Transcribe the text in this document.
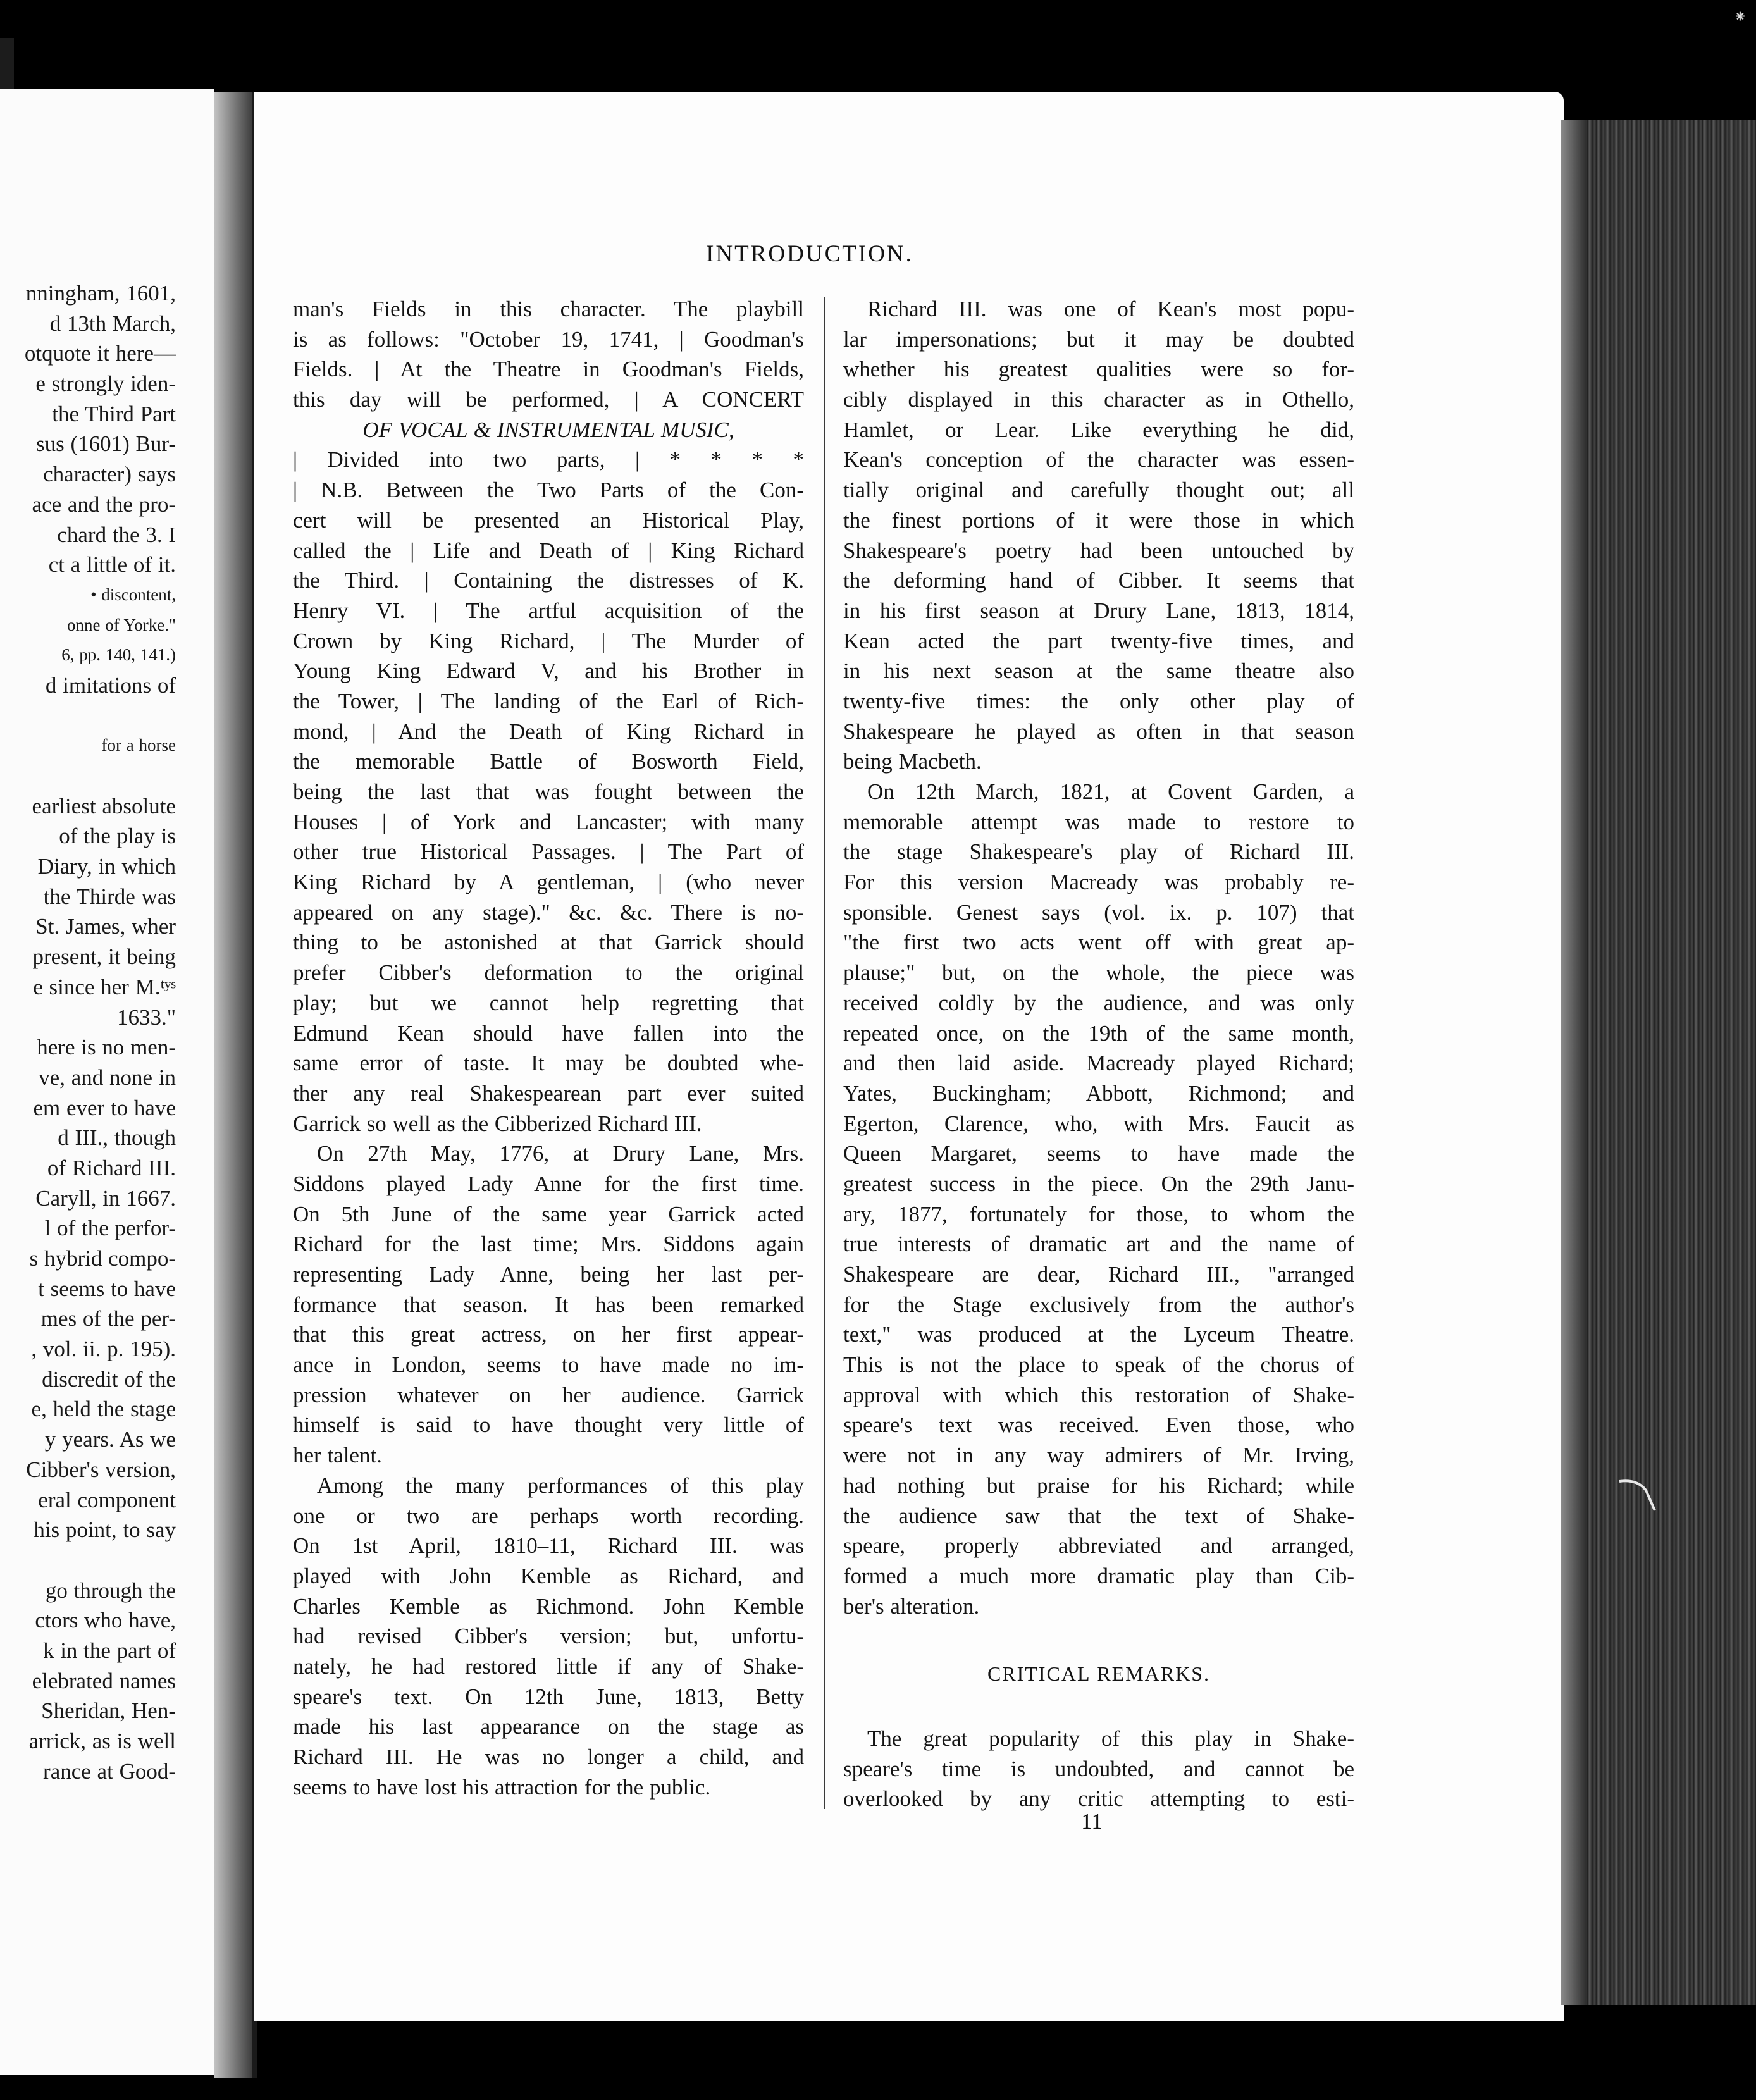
⁕
nningham, 1601,
d 13th March,
otquote it here—
e strongly iden-
the Third Part
sus (1601) Bur-
character) says
ace and the pro-
chard the 3. I
ct a little of it.
• discontent,
onne of Yorke."
6, pp. 140, 141.)
d imitations of
for a horse
earliest absolute
of the play is
Diary, in which
the Thirde was
St. James, wher
present, it being
e since her M.ᵗʸˢ
1633."
here is no men-
ve, and none in
em ever to have
d III., though
of Richard III.
Caryll, in 1667.
l of the perfor-
s hybrid compo-
t seems to have
mes of the per-
, vol. ii. p. 195).
discredit of the
e, held the stage
y years. As we
Cibber's version,
eral component
his point, to say
go through the
ctors who have,
k in the part of
elebrated names
Sheridan, Hen-
arrick, as is well
rance at Good-
INTRODUCTION.
man's Fields in this character. The playbill
is as follows: "October 19, 1741, | Goodman's
Fields. | At the Theatre in Goodman's Fields,
this day will be performed, | A CONCERT
OF VOCAL & INSTRUMENTAL MUSIC,
| Divided into two parts, | * * * *
| N.B. Between the Two Parts of the Con-
cert will be presented an Historical Play,
called the | Life and Death of | King Richard
the Third. | Containing the distresses of K.
Henry VI. | The artful acquisition of the
Crown by King Richard, | The Murder of
Young King Edward V, and his Brother in
the Tower, | The landing of the Earl of Rich-
mond, | And the Death of King Richard in
the memorable Battle of Bosworth Field,
being the last that was fought between the
Houses | of York and Lancaster; with many
other true Historical Passages. | The Part of
King Richard by A gentleman, | (who never
appeared on any stage)." &c. &c. There is no-
thing to be astonished at that Garrick should
prefer Cibber's deformation to the original
play; but we cannot help regretting that
Edmund Kean should have fallen into the
same error of taste. It may be doubted whe-
ther any real Shakespearean part ever suited
Garrick so well as the Cibberized Richard III.
On 27th May, 1776, at Drury Lane, Mrs.
Siddons played Lady Anne for the first time.
On 5th June of the same year Garrick acted
Richard for the last time; Mrs. Siddons again
representing Lady Anne, being her last per-
formance that season. It has been remarked
that this great actress, on her first appear-
ance in London, seems to have made no im-
pression whatever on her audience. Garrick
himself is said to have thought very little of
her talent.
Among the many performances of this play
one or two are perhaps worth recording.
On 1st April, 1810–11, Richard III. was
played with John Kemble as Richard, and
Charles Kemble as Richmond. John Kemble
had revised Cibber's version; but, unfortu-
nately, he had restored little if any of Shake-
speare's text. On 12th June, 1813, Betty
made his last appearance on the stage as
Richard III. He was no longer a child, and
seems to have lost his attraction for the public.
Richard III. was one of Kean's most popu-
lar impersonations; but it may be doubted
whether his greatest qualities were so for-
cibly displayed in this character as in Othello,
Hamlet, or Lear. Like everything he did,
Kean's conception of the character was essen-
tially original and carefully thought out; all
the finest portions of it were those in which
Shakespeare's poetry had been untouched by
the deforming hand of Cibber. It seems that
in his first season at Drury Lane, 1813, 1814,
Kean acted the part twenty-five times, and
in his next season at the same theatre also
twenty-five times: the only other play of
Shakespeare he played as often in that season
being Macbeth.
On 12th March, 1821, at Covent Garden, a
memorable attempt was made to restore to
the stage Shakespeare's play of Richard III.
For this version Macready was probably re-
sponsible. Genest says (vol. ix. p. 107) that
"the first two acts went off with great ap-
plause;" but, on the whole, the piece was
received coldly by the audience, and was only
repeated once, on the 19th of the same month,
and then laid aside. Macready played Richard;
Yates, Buckingham; Abbott, Richmond; and
Egerton, Clarence, who, with Mrs. Faucit as
Queen Margaret, seems to have made the
greatest success in the piece. On the 29th Janu-
ary, 1877, fortunately for those, to whom the
true interests of dramatic art and the name of
Shakespeare are dear, Richard III., "arranged
for the Stage exclusively from the author's
text," was produced at the Lyceum Theatre.
This is not the place to speak of the chorus of
approval with which this restoration of Shake-
speare's text was received. Even those, who
were not in any way admirers of Mr. Irving,
had nothing but praise for his Richard; while
the audience saw that the text of Shake-
speare, properly abbreviated and arranged,
formed a much more dramatic play than Cib-
ber's alteration.
CRITICAL REMARKS.
The great popularity of this play in Shake-
speare's time is undoubted, and cannot be
overlooked by any critic attempting to esti-
11
